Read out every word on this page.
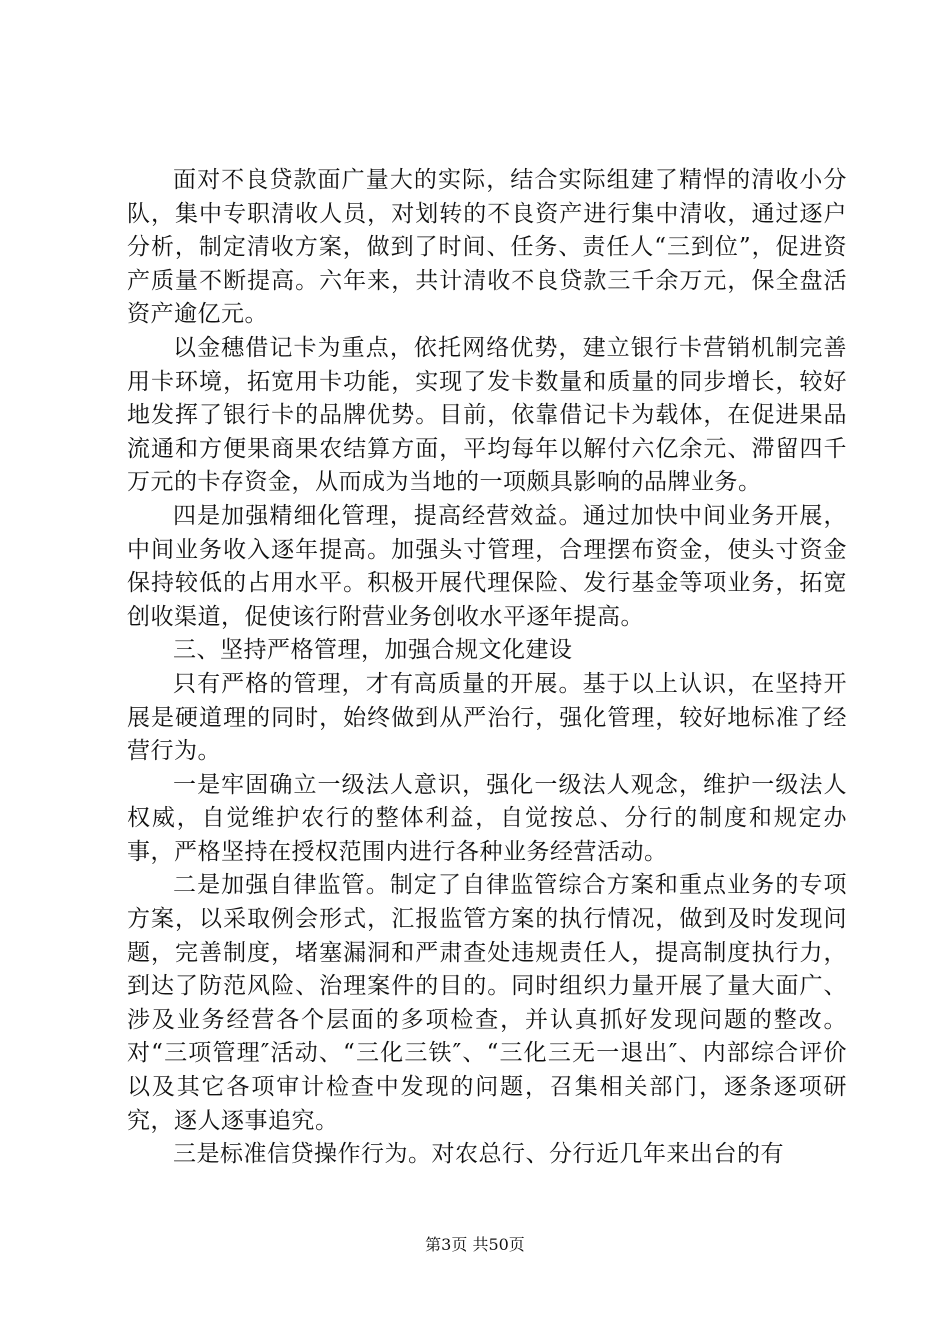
面对不良贷款面广量大的实际，结合实际组建了精悍的清收小分队，集中专职清收人员，对划转的不良资产进行集中清收，通过逐户分析，制定清收方案，做到了时间、任务、责任人“三到位”，促进资产质量不断提高。六年来，共计清收不良贷款三千余万元，保全盘活资产逾亿元。

以金穗借记卡为重点，依托网络优势，建立银行卡营销机制完善用卡环境，拓宽用卡功能，实现了发卡数量和质量的同步增长，较好地发挥了银行卡的品牌优势。目前，依靠借记卡为载体，在促进果品流通和方便果商果农结算方面，平均每年以解付六亿余元、滞留四千万元的卡存资金，从而成为当地的一项颇具影响的品牌业务。

四是加强精细化管理，提高经营效益。通过加快中间业务开展，中间业务收入逐年提高。加强头寸管理，合理摆布资金，使头寸资金保持较低的占用水平。积极开展代理保险、发行基金等项业务，拓宽创收渠道，促使该行附营业务创收水平逐年提高。

三、坚持严格管理，加强合规文化建设

只有严格的管理，才有高质量的开展。基于以上认识，在坚持开展是硬道理的同时，始终做到从严治行，强化管理，较好地标准了经营行为。

一是牢固确立一级法人意识，强化一级法人观念，维护一级法人权威，自觉维护农行的整体利益，自觉按总、分行的制度和规定办事，严格坚持在授权范围内进行各种业务经营活动。

二是加强自律监管。制定了自律监管综合方案和重点业务的专项方案，以采取例会形式，汇报监管方案的执行情况，做到及时发现问题，完善制度，堵塞漏洞和严肃查处违规责任人，提高制度执行力，到达了防范风险、治理案件的目的。同时组织力量开展了量大面广、涉及业务经营各个层面的多项检查，并认真抓好发现问题的整改。对“三项管理″活动、“三化三铁″、“三化三无一退出″、内部综合评价以及其它各项审计检查中发现的问题，召集相关部门，逐条逐项研究，逐人逐事追究。

三是标准信贷操作行为。对农总行、分行近几年来出台的有

第3页 共50页
